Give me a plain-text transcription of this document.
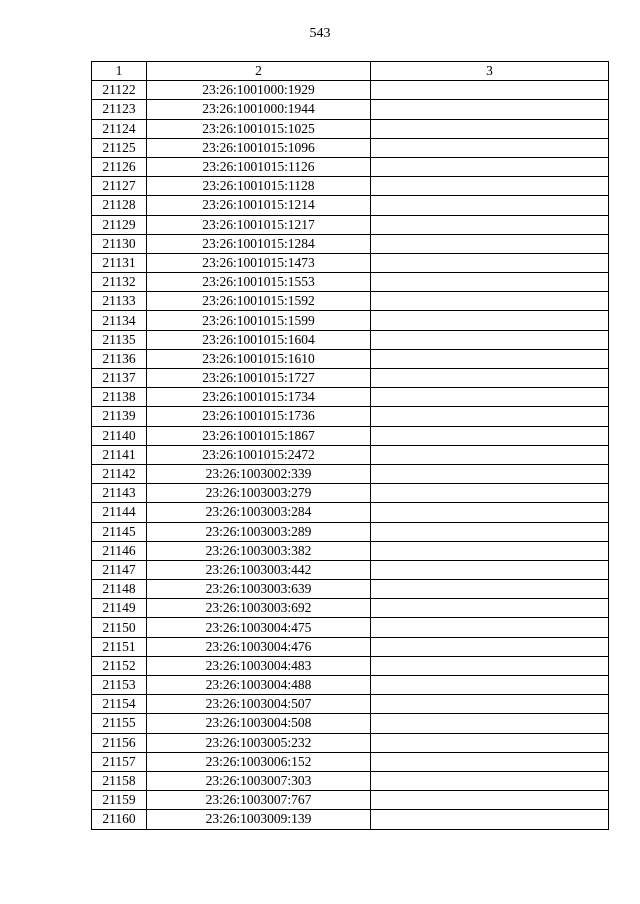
543
1	2	3
21122	23:26:1001000:1929	
21123	23:26:1001000:1944	
21124	23:26:1001015:1025	
21125	23:26:1001015:1096	
21126	23:26:1001015:1126	
21127	23:26:1001015:1128	
21128	23:26:1001015:1214	
21129	23:26:1001015:1217	
21130	23:26:1001015:1284	
21131	23:26:1001015:1473	
21132	23:26:1001015:1553	
21133	23:26:1001015:1592	
21134	23:26:1001015:1599	
21135	23:26:1001015:1604	
21136	23:26:1001015:1610	
21137	23:26:1001015:1727	
21138	23:26:1001015:1734	
21139	23:26:1001015:1736	
21140	23:26:1001015:1867	
21141	23:26:1001015:2472	
21142	23:26:1003002:339	
21143	23:26:1003003:279	
21144	23:26:1003003:284	
21145	23:26:1003003:289	
21146	23:26:1003003:382	
21147	23:26:1003003:442	
21148	23:26:1003003:639	
21149	23:26:1003003:692	
21150	23:26:1003004:475	
21151	23:26:1003004:476	
21152	23:26:1003004:483	
21153	23:26:1003004:488	
21154	23:26:1003004:507	
21155	23:26:1003004:508	
21156	23:26:1003005:232	
21157	23:26:1003006:152	
21158	23:26:1003007:303	
21159	23:26:1003007:767	
21160	23:26:1003009:139	
